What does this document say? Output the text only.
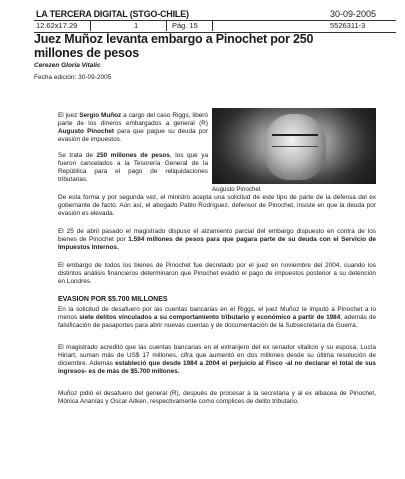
LA TERCERA DIGITAL (STGO-CHILE)	30-09-2005
12.62x17.29	1	Pág. 15	5526311-3
Juez Muñoz levanta embargo a Pinochet por 250 millones de pesos
Cerezen Gloria Vitalic
Fecha edición: 30-09-2005
El juez Sergio Muñoz a cargo del caso Riggs, liberó parte de los dineros embargados a general (R) Augusto Pinochet para que pague su deuda por evasión de impuestos.
Se trata de 250 millones de pesos, los que ya fueron cancelados a la Tesorería General de la República para el pago de reliquidaciones tributarias.
Augusto Pinochet
De esta forma y por segunda vez, el ministro acepta una solicitud de este tipo de parte de la defensa del ex gobernante de facto. Aún así, el abogado Pablo Rodríguez, defensor de Pinochet, insiste en que la deuda por evasión es elevada.
El 25 de abril pasado el magistrado dispuso el alzamiento parcial del embargo dispuesto en contra de los bienes de Pinochet por 1.594 millones de pesos para que pagara parte de su deuda con el Servicio de Impuestos Internos.
El embargo de todos los bienes de Pinochet fue decretado por el juez en noviembre del 2004, cuando los distintos análisis financieros determinaron que Pinochet evadió el pago de impuestos posterior a su detención en Londres.
EVASION POR $5.700 MILLONES
En la solicitud de desafuero por las cuentas bancarias en el Riggs, el juez Muñoz le imputó a Pinochet a lo menos siete delitos vinculados a su comportamiento tributario y económico a partir de 1984, además de falsificación de pasaportes para abrir nuevas cuentas y de documentación de la Subsecretaría de Guerra.
El magistrado acreditó que las cuentas bancarias en el extranjero del ex senador vitalicio y su esposa, Lucía Hiriart, suman más de US$ 17 millones, cifra que aumentó en dos millones desde su última resolución de diciembre. Además estableció que desde 1984 a 2004 el perjuicio al Fisco -al no declarar el total de sus ingresos- es de más de $5.700 millones.
Muñoz pidió el desafuero del general (R), después de procesar a la secretaria y al ex albacea de Pinochet, Mónica Ananías y Oscar Aitken, respectivamente como cómplices de delito tributario.
